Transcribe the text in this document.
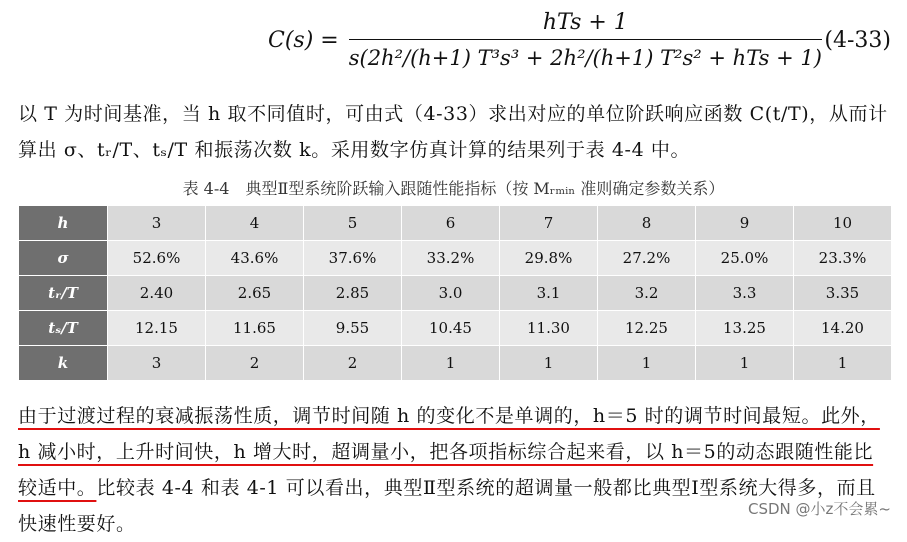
$C(s) = \frac{\text{hTs + 1}}{\text{s(2h²/(h+1) T³s³ + 2h²/(h+1) T²s² + hTs + 1)}} (4-33)$
以 T 为时间基准，当 h 取不同值时，可由式（4-33）求出对应的单位阶跃响应函数 C(t/T)，从而计算出 σ、tᵣ/T、tₛ/T 和振荡次数 k。采用数字仿真计算的结果列于表 4-4 中。
表 4-4　典型Ⅱ型系统阶跃输入跟随性能指标（按 Mᵣₘᵢₙ 准则确定参数关系）
h	3	4	5	6	7	8	9	10
σ	52.6%	43.6%	37.6%	33.2%	29.8%	27.2%	25.0%	23.3%
tᵣ/T	2.40	2.65	2.85	3.0	3.1	3.2	3.3	3.35
tₛ/T	12.15	11.65	9.55	10.45	11.30	12.25	13.25	14.20
k	3	2	2	1	1	1	1	1
由于过渡过程的衰减振荡性质，调节时间随 h 的变化不是单调的，h＝5 时的调节时间最短。此外，h 减小时，上升时间快，h 增大时，超调量小，把各项指标综合起来看，以 h＝5的动态跟随性能比较适中。比较表 4-4 和表 4-1 可以看出，典型Ⅱ型系统的超调量一般都比典型Ⅰ型系统大得多，而且快速性要好。
CSDN @小z不会累~
